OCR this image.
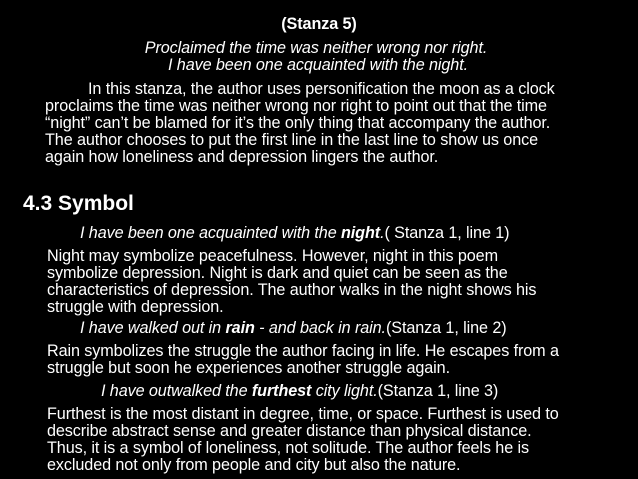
(Stanza 5)
Proclaimed the time was neither wrong nor right.
I have been one acquainted with the night.
In this stanza, the author uses personification the moon as a clock
proclaims the time was neither wrong nor right to point out that the time
“night” can’t be blamed for it’s the only thing that accompany the author.
The author chooses to put the first line in the last line to show us once
again how loneliness and depression lingers the author.
4.3 Symbol
I have been one acquainted with the night.( Stanza 1, line 1)
Night may symbolize peacefulness. However, night in this poem
symbolize depression. Night is dark and quiet can be seen as the
characteristics of depression. The author walks in the night shows his
struggle with depression.
I have walked out in rain - and back in rain.(Stanza 1, line 2)
Rain symbolizes the struggle the author facing in life. He escapes from a
struggle but soon he experiences another struggle again.
I have outwalked the furthest city light.(Stanza 1, line 3)
Furthest is the most distant in degree, time, or space. Furthest is used to
describe abstract sense and greater distance than physical distance.
Thus, it is a symbol of loneliness, not solitude. The author feels he is
excluded not only from people and city but also the nature.
